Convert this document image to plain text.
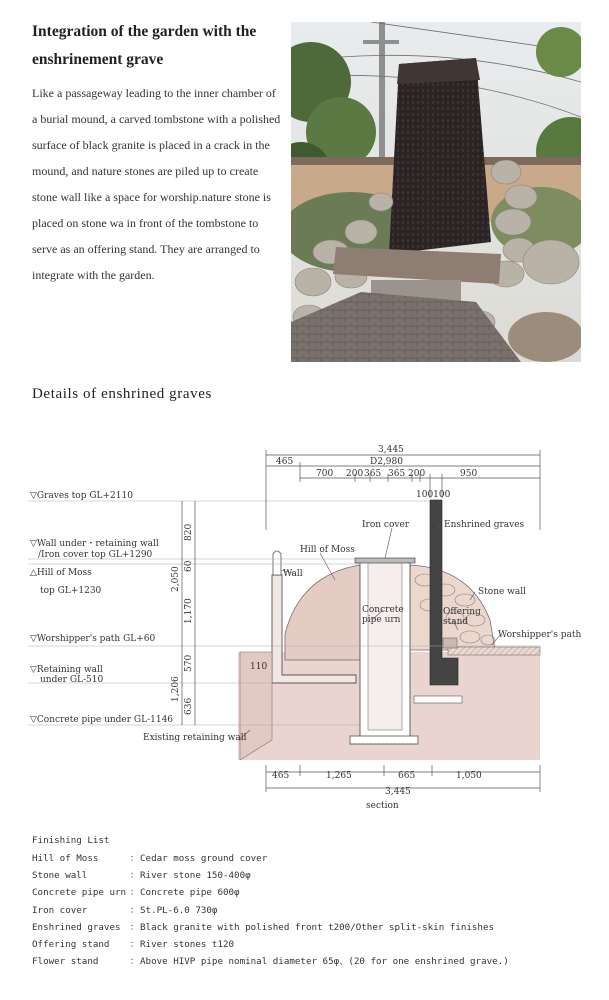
Integration of the garden with the
enshrinement grave
Like a passageway leading to the inner chamber of a burial mound, a carved tombstone with a polished surface of black granite is placed in a crack in the mound, and nature stones are piled up to create stone wall like a space for worship.nature stone is placed on stone wa in front of the tombstone to serve as an offering stand. They are arranged to integrate with the garden.
Details of enshrined graves
3,445
465	D2,980
700 200 365 365 200	950
100100
▽Graves top GL+2110
▽Wall under・retaining wall
/Iron cover top GL+1290
△Hill of Moss
top GL+1230
▽Worshipper's path GL+60
▽Retaining wall
under GL-510
▽Concrete pipe under GL-1146
820
2,050 60
1,170
570
1,206
636
Iron cover	Enshrined graves
Hill of Moss
Wall
Stone wall
Concrete
pipe urn
Offering
stand
Worshipper's path
110
Existing retaining wall
465	1,265	665	1,050
3,445
section
Finishing List
Hill of Moss	：Cedar moss ground cover
Stone wall	：River stone 150-400φ
Concrete pipe urn ：Concrete pipe 600φ
Iron cover	：St.PL-6.0 730φ
Enshrined graves ：Black granite with polished front t200/Other split-skin finishes
Offering stand ：River stones t120
Flower stand	：Above HIVP pipe nominal diameter 65φ、(20 for one enshrined grave.)
